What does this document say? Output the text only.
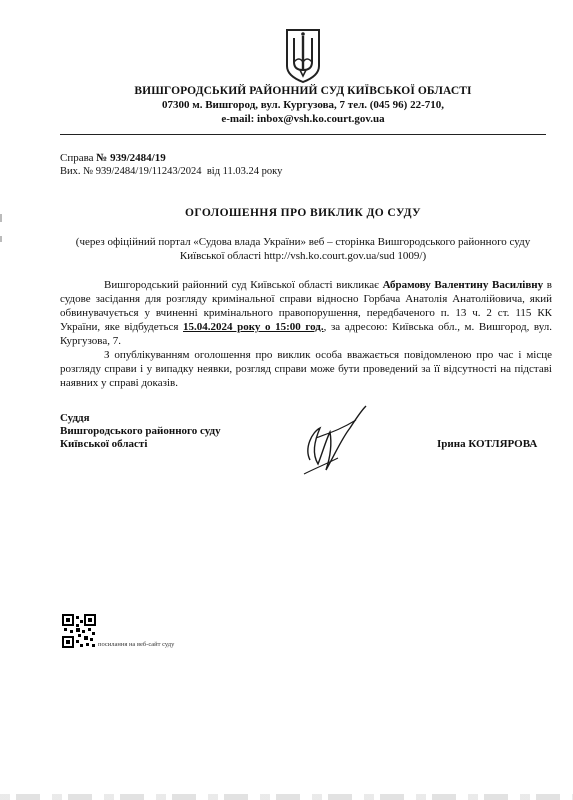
ВИШГОРОДСЬКИЙ РАЙОННИЙ СУД КИЇВСЬКОЇ ОБЛАСТІ
07300 м. Вишгород, вул. Кургузова, 7 тел. (045 96) 22-710,
e-mail: inbox@vsh.ko.court.gov.ua
Справа № 939/2484/19
Вих. № 939/2484/19/11243/2024 від 11.03.24 року
ОГОЛОШЕННЯ ПРО ВИКЛИК ДО СУДУ
(через офіційний портал «Судова влада України» веб – сторінка Вишгородського районного суду Київської області http://vsh.ko.court.gov.ua/sud 1009/)

Вишгородський районний суд Київської області викликає Абрамову Валентину Василівну в судове засідання для розгляду кримінальної справи відносно Горбача Анатолія Анатолійовича, який обвинувачується у вчиненні кримінального правопорушення, передбаченого п. 13 ч. 2 ст. 115 КК України, яке відбудеться 15.04.2024 року о 15:00 год., за адресою: Київська обл., м. Вишгород, вул. Кургузова, 7.

З опублікуванням оголошення про виклик особа вважається повідомленою про час і місце розгляду справи і у випадку неявки, розгляд справи може бути проведений за її відсутності на підставі наявних у справі доказів.

Суддя
Вишгородського районного суду
Київської області	Ірина КОТЛЯРОВА
посилання на веб-сайт суду
